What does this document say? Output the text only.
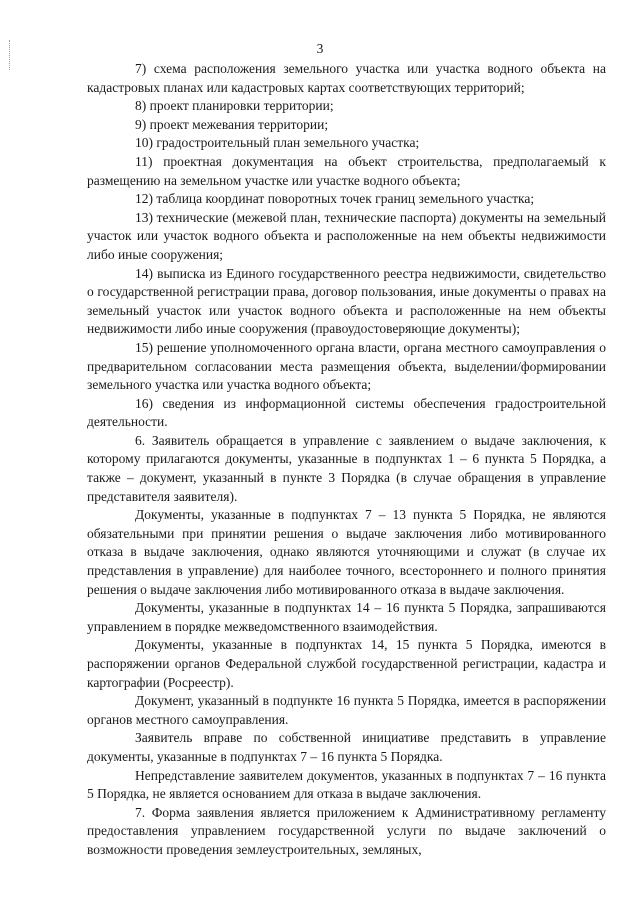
3

7) схема расположения земельного участка или участка водного объекта на кадастровых планах или кадастровых картах соответствующих территорий;

8) проект планировки территории;

9) проект межевания территории;

10) градостроительный план земельного участка;

11) проектная документация на объект строительства, предполагаемый к размещению на земельном участке или участке водного объекта;

12) таблица координат поворотных точек границ земельного участка;

13) технические (межевой план, технические паспорта) документы на земельный участок или участок водного объекта и расположенные на нем объекты недвижимости либо иные сооружения;

14) выписка из Единого государственного реестра недвижимости, свидетельство о государственной регистрации права, договор пользования, иные документы о правах на земельный участок или участок водного объекта и расположенные на нем объекты недвижимости либо иные сооружения (правоудостоверяющие документы);

15) решение уполномоченного органа власти, органа местного самоуправления о предварительном согласовании места размещения объекта, выделении/формировании земельного участка или участка водного объекта;

16) сведения из информационной системы обеспечения градостроительной деятельности.

6. Заявитель обращается в управление с заявлением о выдаче заключения, к которому прилагаются документы, указанные в подпунктах 1 – 6 пункта 5 Порядка, а также – документ, указанный в пункте 3 Порядка (в случае обращения в управление представителя заявителя).

Документы, указанные в подпунктах 7 – 13 пункта 5 Порядка, не являются обязательными при принятии решения о выдаче заключения либо мотивированного отказа в выдаче заключения, однако являются уточняющими и служат (в случае их представления в управление) для наиболее точного, всестороннего и полного принятия решения о выдаче заключения либо мотивированного отказа в выдаче заключения.

Документы, указанные в подпунктах 14 – 16 пункта 5 Порядка, запрашиваются управлением в порядке межведомственного взаимодействия.

Документы, указанные в подпунктах 14, 15 пункта 5 Порядка, имеются в распоряжении органов Федеральной службой государственной регистрации, кадастра и картографии (Росреестр).

Документ, указанный в подпункте 16 пункта 5 Порядка, имеется в распоряжении органов местного самоуправления.

Заявитель вправе по собственной инициативе представить в управление документы, указанные в подпунктах 7 – 16 пункта 5 Порядка.

Непредставление заявителем документов, указанных в подпунктах 7 – 16 пункта 5 Порядка, не является основанием для отказа в выдаче заключения.

7. Форма заявления является приложением к Административному регламенту предоставления управлением государственной услуги по выдаче заключений о возможности проведения землеустроительных, земляных,
